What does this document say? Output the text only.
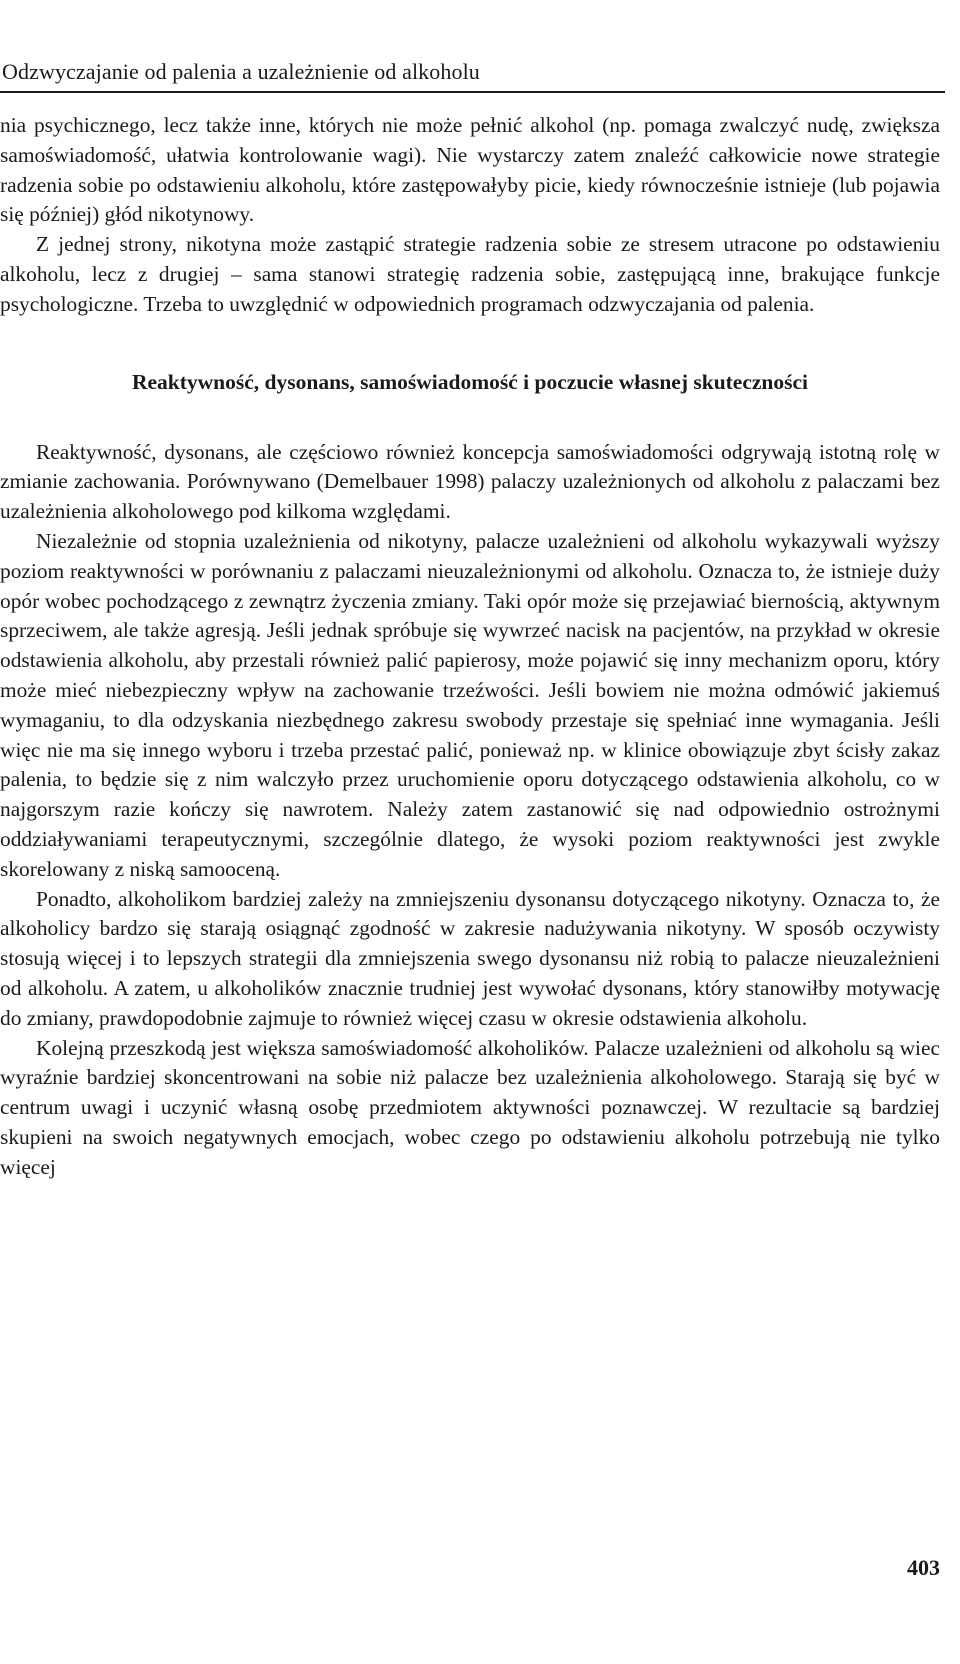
Odzwyczajanie od palenia a uzależnienie od alkoholu

nia psychicznego, lecz także inne, których nie może pełnić alkohol (np. pomaga zwalczyć nudę, zwiększa samoświadomość, ułatwia kontrolowanie wagi). Nie wystarczy zatem znaleźć całkowicie nowe strategie radzenia sobie po odstawieniu alkoholu, które zastępowałyby picie, kiedy równocześnie istnieje (lub pojawia się później) głód nikotynowy.

Z jednej strony, nikotyna może zastąpić strategie radzenia sobie ze stresem utracone po odstawieniu alkoholu, lecz z drugiej – sama stanowi strategię radzenia sobie, zastępującą inne, brakujące funkcje psychologiczne. Trzeba to uwzględnić w odpowiednich programach odzwyczajania od palenia.

Reaktywność, dysonans, samoświadomość i poczucie własnej skuteczności

Reaktywność, dysonans, ale częściowo również koncepcja samoświadomości odgrywają istotną rolę w zmianie zachowania. Porównywano (Demelbauer 1998) palaczy uzależnionych od alkoholu z palaczami bez uzależnienia alkoholowego pod kilkoma względami.

Niezależnie od stopnia uzależnienia od nikotyny, palacze uzależnieni od alkoholu wykazywali wyższy poziom reaktywności w porównaniu z palaczami nieuzależnionymi od alkoholu. Oznacza to, że istnieje duży opór wobec pochodzącego z zewnątrz życzenia zmiany. Taki opór może się przejawiać biernością, aktywnym sprzeciwem, ale także agresją. Jeśli jednak spróbuje się wywrzeć nacisk na pacjentów, na przykład w okresie odstawienia alkoholu, aby przestali również palić papierosy, może pojawić się inny mechanizm oporu, który może mieć niebezpieczny wpływ na zachowanie trzeźwości. Jeśli bowiem nie można odmówić jakiemuś wymaganiu, to dla odzyskania niezbędnego zakresu swobody przestaje się spełniać inne wymagania. Jeśli więc nie ma się innego wyboru i trzeba przestać palić, ponieważ np. w klinice obowiązuje zbyt ścisły zakaz palenia, to będzie się z nim walczyło przez uruchomienie oporu dotyczącego odstawienia alkoholu, co w najgorszym razie kończy się nawrotem. Należy zatem zastanowić się nad odpowiednio ostrożnymi oddziaływaniami terapeutycznymi, szczególnie dlatego, że wysoki poziom reaktywności jest zwykle skorelowany z niską samooceną.

Ponadto, alkoholikom bardziej zależy na zmniejszeniu dysonansu dotyczącego nikotyny. Oznacza to, że alkoholicy bardzo się starają osiągnąć zgodność w zakresie nadużywania nikotyny. W sposób oczywisty stosują więcej i to lepszych strategii dla zmniejszenia swego dysonansu niż robią to palacze nieuzależnieni od alkoholu. A zatem, u alkoholików znacznie trudniej jest wywołać dysonans, który stanowiłby motywację do zmiany, prawdopodobnie zajmuje to również więcej czasu w okresie odstawienia alkoholu.

Kolejną przeszkodą jest większa samoświadomość alkoholików. Palacze uzależnieni od alkoholu są wiec wyraźnie bardziej skoncentrowani na sobie niż palacze bez uzależnienia alkoholowego. Starają się być w centrum uwagi i uczynić własną osobę przedmiotem aktywności poznawczej. W rezultacie są bardziej skupieni na swoich negatywnych emocjach, wobec czego po odstawieniu alkoholu potrzebują nie tylko więcej

403
